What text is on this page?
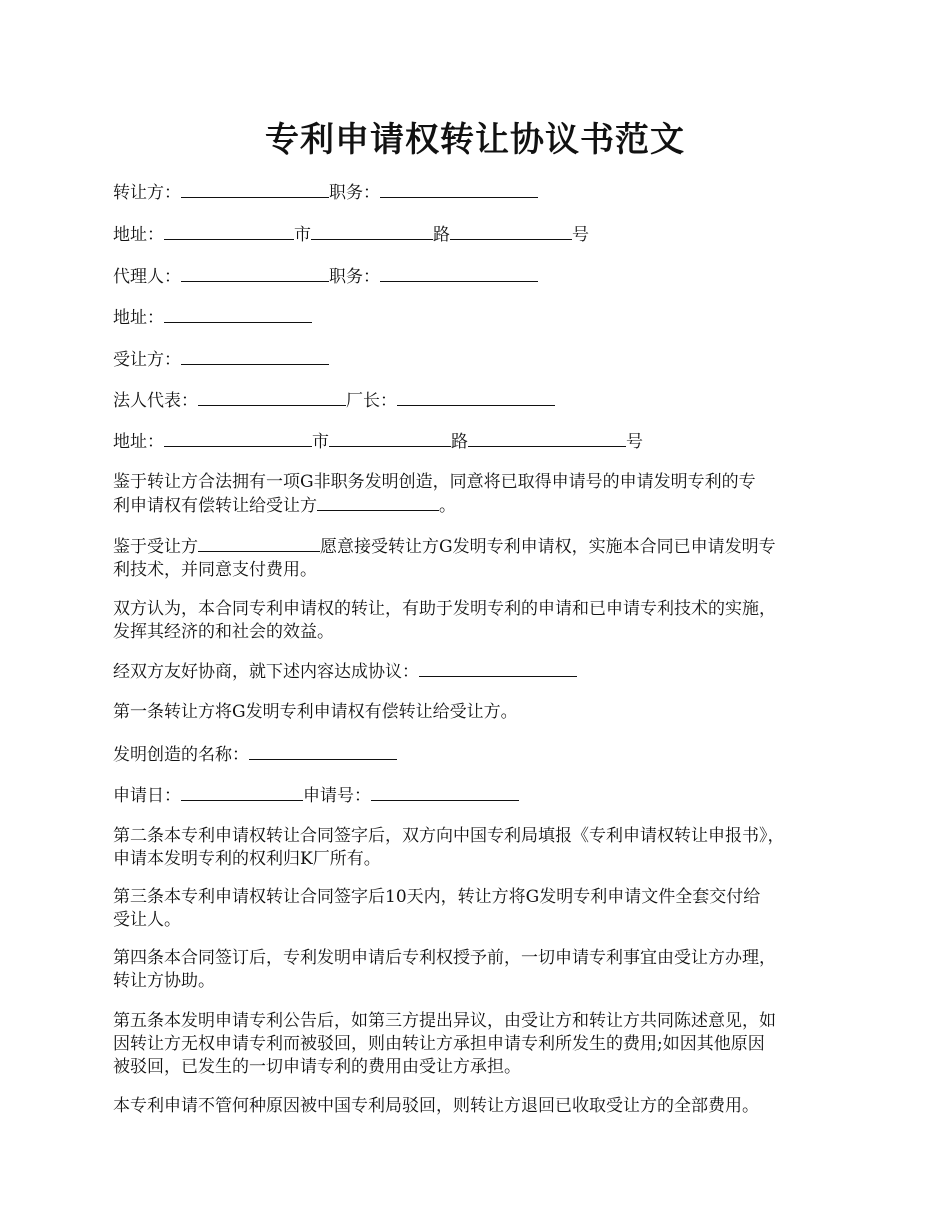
专利申请权转让协议书范文
转让方：	职务：
地址：	市	路	号
代理人：	职务：
地址：
受让方：
法人代表：	厂长：
地址：	市	路	号
鉴于转让方合法拥有一项G非职务发明创造，同意将已取得申请号的申请发明专利的专
利申请权有偿转让给受让方	。
鉴于受让方	愿意接受转让方G发明专利申请权，实施本合同已申请发明专
利技术，并同意支付费用。
双方认为，本合同专利申请权的转让，有助于发明专利的申请和已申请专利技术的实施，
发挥其经济的和社会的效益。
经双方友好协商，就下述内容达成协议：
第一条转让方将G发明专利申请权有偿转让给受让方。
发明创造的名称：
申请日：	申请号：
第二条本专利申请权转让合同签字后，双方向中国专利局填报《专利申请权转让申报书》，
申请本发明专利的权利归K厂所有。
第三条本专利申请权转让合同签字后10天内，转让方将G发明专利申请文件全套交付给
受让人。
第四条本合同签订后，专利发明申请后专利权授予前，一切申请专利事宜由受让方办理，
转让方协助。
第五条本发明申请专利公告后，如第三方提出异议，由受让方和转让方共同陈述意见，如
因转让方无权申请专利而被驳回，则由转让方承担申请专利所发生的费用;如因其他原因
被驳回，已发生的一切申请专利的费用由受让方承担。
本专利申请不管何种原因被中国专利局驳回，则转让方退回已收取受让方的全部费用。
